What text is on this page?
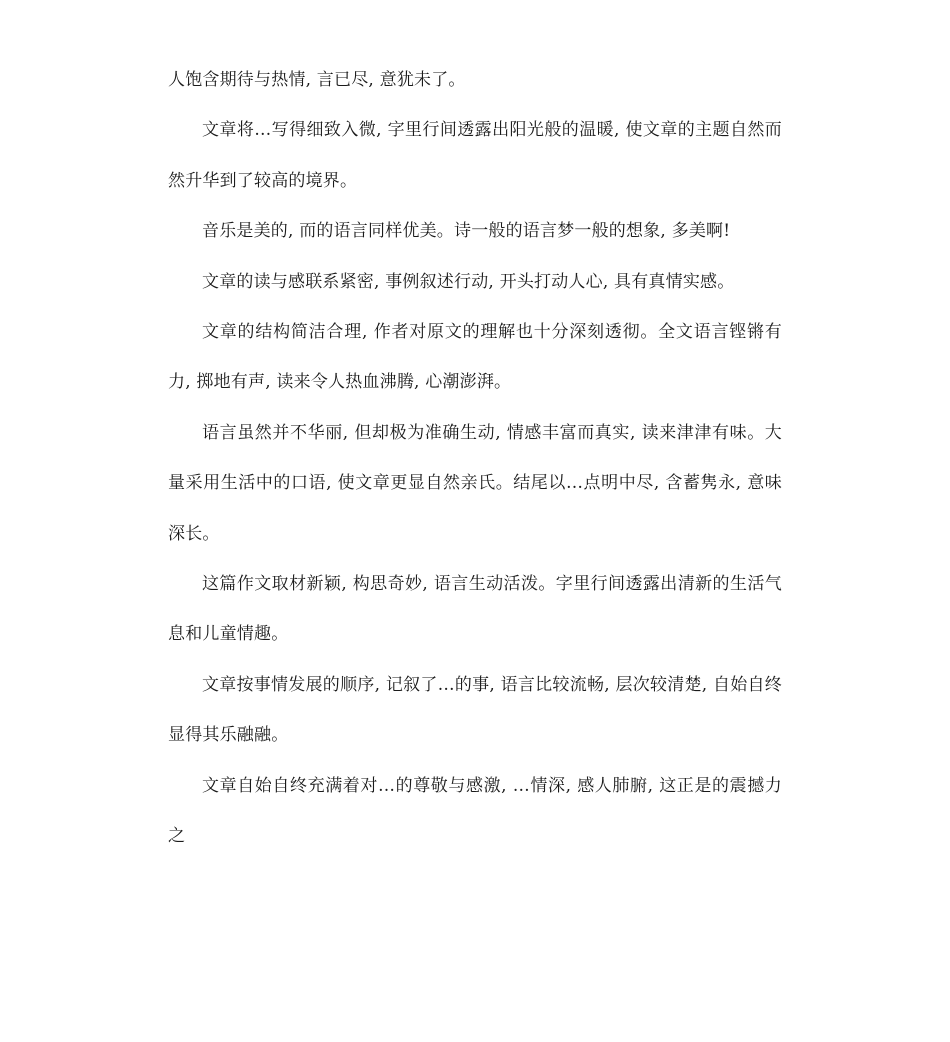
人饱含期待与热情, 言已尽, 意犹未了。

文章将…写得细致入微, 字里行间透露出阳光般的温暖, 使文章的主题自然而然升华到了较高的境界。

音乐是美的, 而的语言同样优美。诗一般的语言梦一般的想象, 多美啊!

文章的读与感联系紧密, 事例叙述行动, 开头打动人心, 具有真情实感。

文章的结构简洁合理, 作者对原文的理解也十分深刻透彻。全文语言铿锵有力, 掷地有声, 读来令人热血沸腾, 心潮澎湃。

语言虽然并不华丽, 但却极为准确生动, 情感丰富而真实, 读来津津有味。大量采用生活中的口语, 使文章更显自然亲氏。结尾以…点明中尽, 含蓄隽永, 意味深长。

这篇作文取材新颖, 构思奇妙, 语言生动活泼。字里行间透露出清新的生活气息和儿童情趣。

文章按事情发展的顺序, 记叙了…的事, 语言比较流畅, 层次较清楚, 自始自终显得其乐融融。

文章自始自终充满着对…的尊敬与感激, …情深, 感人肺腑, 这正是的震撼力之
